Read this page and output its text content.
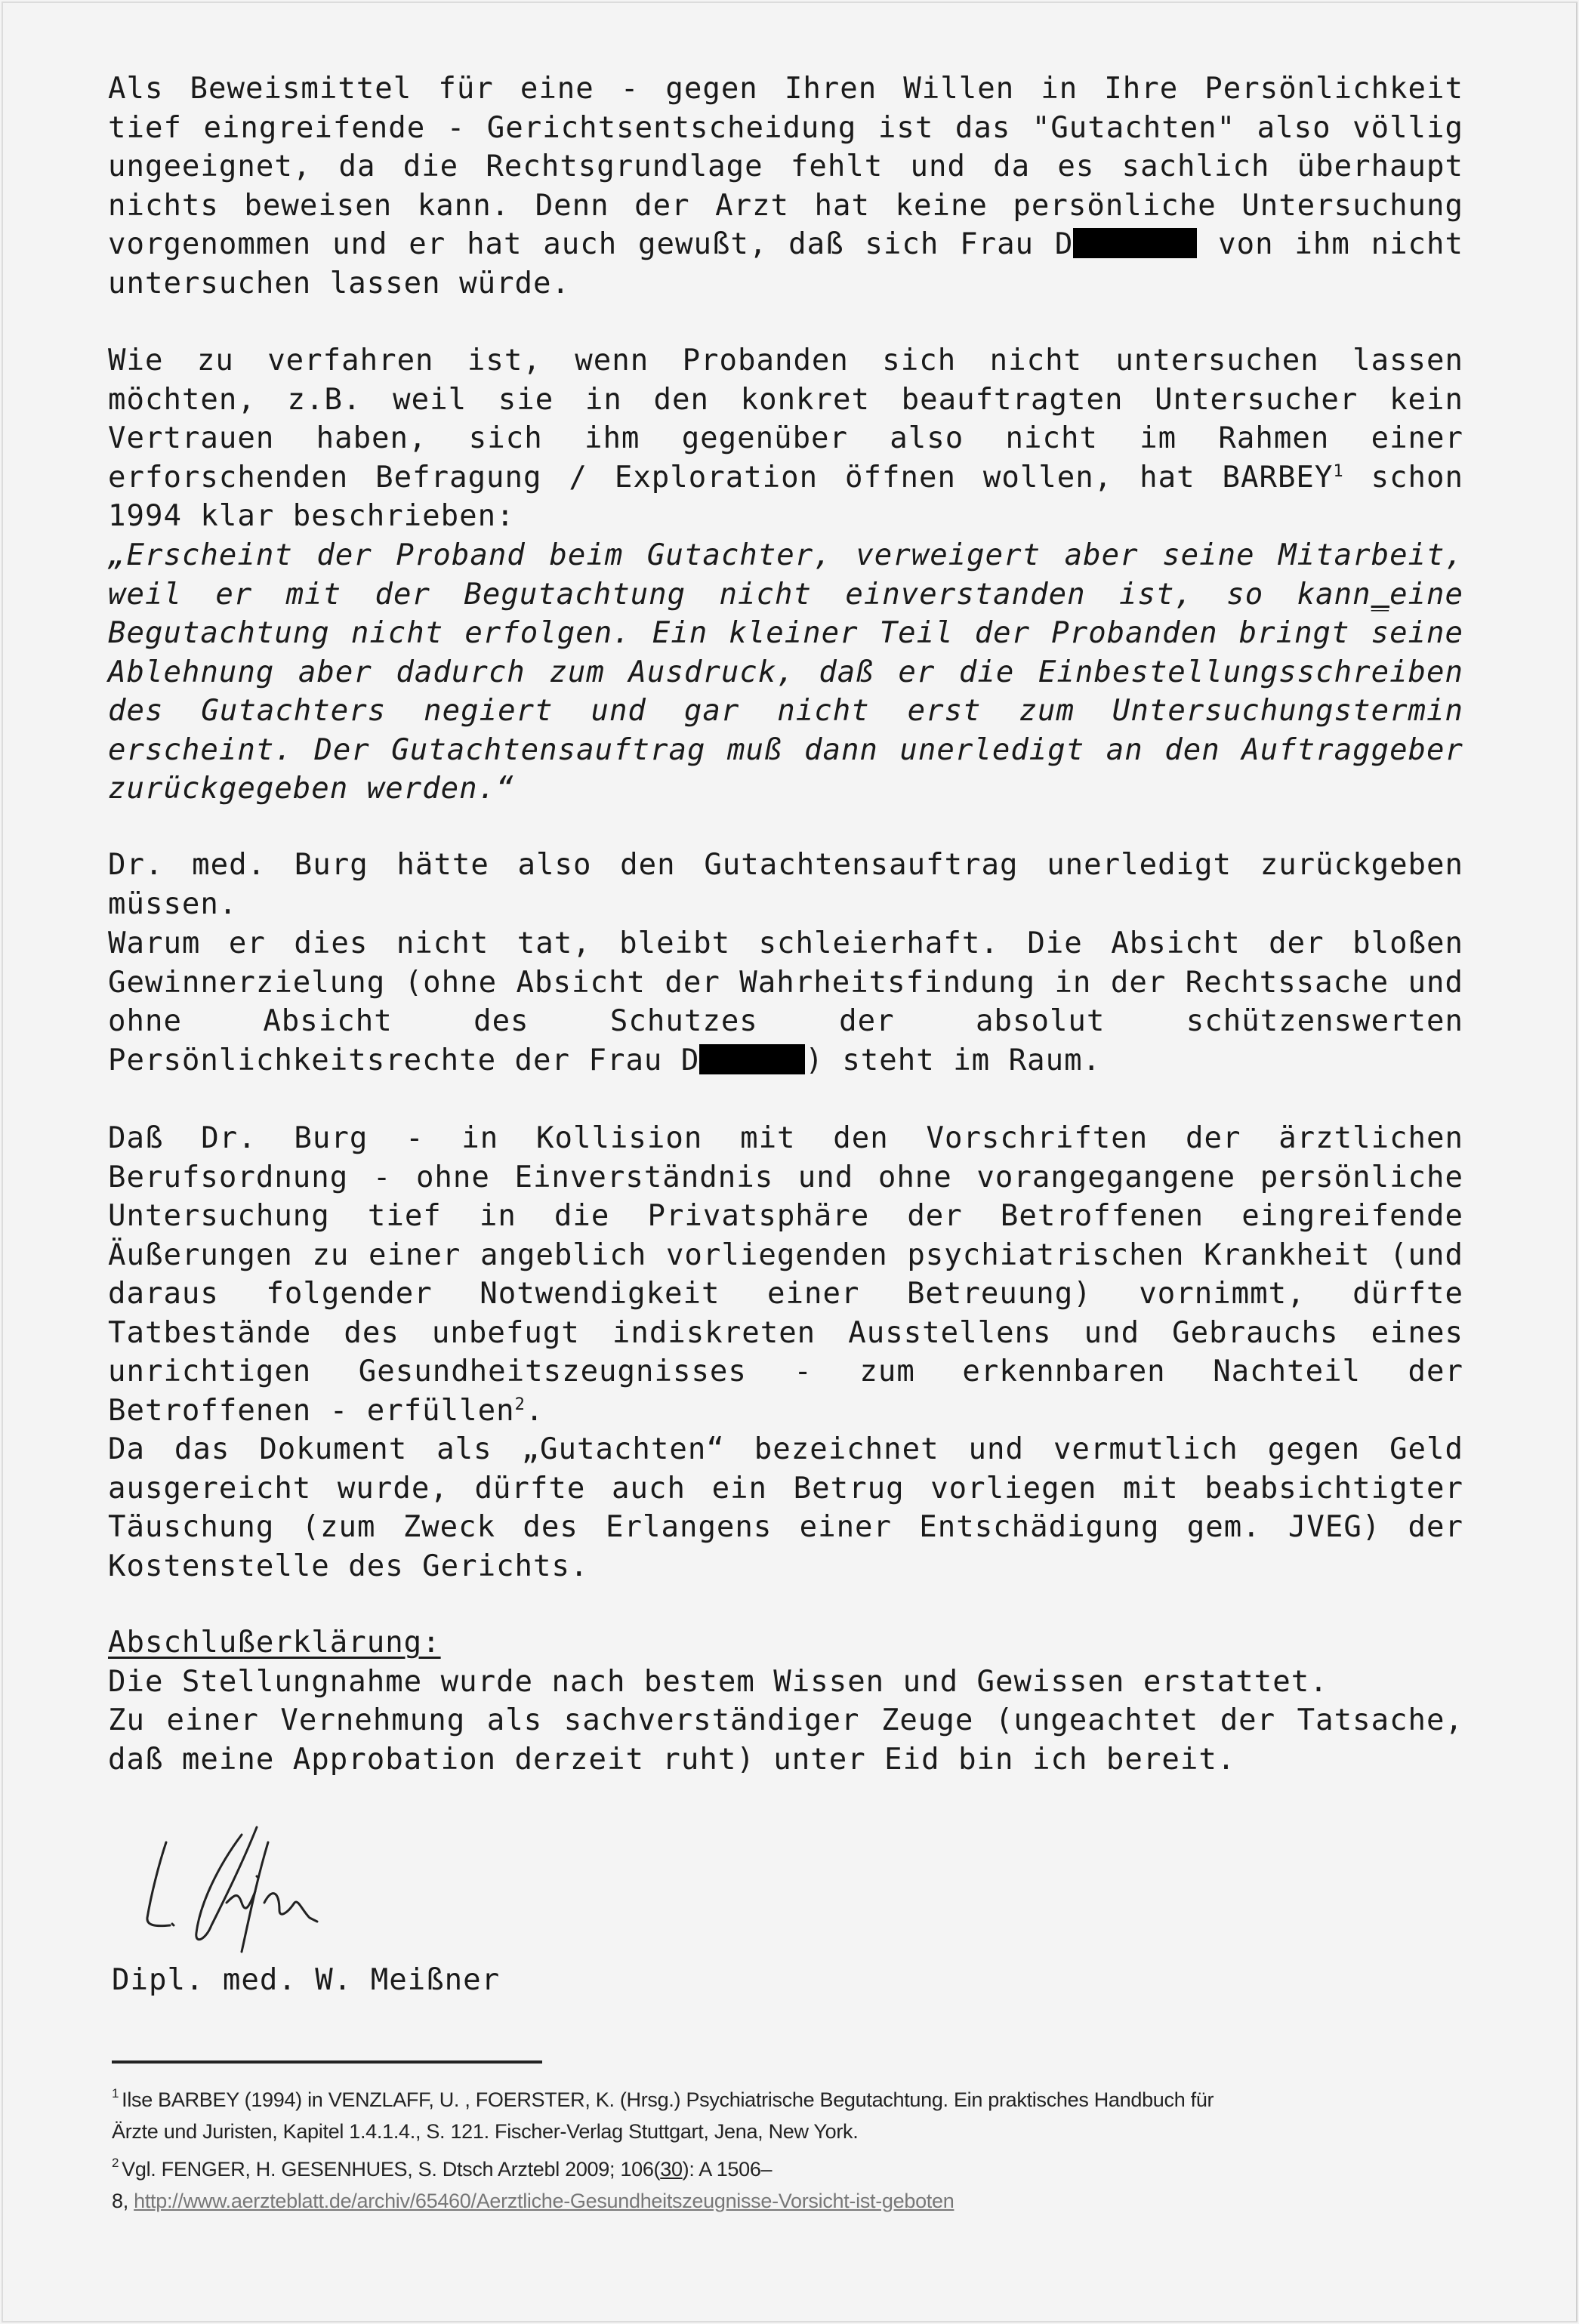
Als Beweismittel für eine - gegen Ihren Willen in Ihre Persönlichkeit tief eingreifende - Gerichtsentscheidung ist das "Gutachten" also völlig ungeeignet, da die Rechtsgrundlage fehlt und da es sachlich überhaupt nichts beweisen kann. Denn der Arzt hat keine persönliche Untersuchung vorgenommen und er hat auch gewußt, daß sich Frau D	von ihm nicht untersuchen lassen würde.

Wie zu verfahren ist, wenn Probanden sich nicht untersuchen lassen möchten, z.B. weil sie in den konkret beauftragten Untersucher kein Vertrauen haben, sich ihm gegenüber also nicht im Rahmen einer erforschenden Befragung / Exploration öffnen wollen, hat BARBEY$^1$ schon 1994 klar beschrieben:

„Erscheint der Proband beim Gutachter, verweigert aber seine Mitarbeit, weil er mit der Begutachtung nicht einverstanden ist, so kann_eine Begutachtung nicht erfolgen. Ein kleiner Teil der Probanden bringt seine Ablehnung aber dadurch zum Ausdruck, daß er die Einbestellungsschreiben des Gutachters negiert und gar nicht erst zum Untersuchungstermin erscheint. Der Gutachtensauftrag muß dann unerledigt an den Auftraggeber zurückgegeben werden.“

Dr. med. Burg hätte also den Gutachtensauftrag unerledigt zurückgeben müssen.

Warum er dies nicht tat, bleibt schleierhaft. Die Absicht der bloßen Gewinnerzielung (ohne Absicht der Wahrheitsfindung in der Rechtssache und ohne Absicht des Schutzes der absolut schützenswerten Persönlichkeitsrechte der Frau D	) steht im Raum.

Daß Dr. Burg - in Kollision mit den Vorschriften der ärztlichen Berufsordnung - ohne Einverständnis und ohne vorangegangene persönliche Untersuchung tief in die Privatsphäre der Betroffenen eingreifende Äußerungen zu einer angeblich vorliegenden psychiatrischen Krankheit (und daraus folgender Notwendigkeit einer Betreuung) vornimmt, dürfte Tatbestände des unbefugt indiskreten Ausstellens und Gebrauchs eines unrichtigen Gesundheitszeugnisses - zum erkennbaren Nachteil der Betroffenen - erfüllen$^2$.

Da das Dokument als „Gutachten“ bezeichnet und vermutlich gegen Geld ausgereicht wurde, dürfte auch ein Betrug vorliegen mit beabsichtigter Täuschung (zum Zweck des Erlangens einer Entschädigung gem. JVEG) der Kostenstelle des Gerichts.

Abschlußerklärung:

Die Stellungnahme wurde nach bestem Wissen und Gewissen erstattet.

Zu einer Vernehmung als sachverständiger Zeuge (ungeachtet der Tatsache, daß meine Approbation derzeit ruht) unter Eid bin ich bereit.

Dipl. med. W. Meißner

$^1$ Ilse BARBEY (1994) in VENZLAFF, U. , FOERSTER, K. (Hrsg.) Psychiatrische Begutachtung. Ein praktisches Handbuch für Ärzte und Juristen, Kapitel 1.4.1.4., S. 121. Fischer-Verlag Stuttgart, Jena, New York.

$^2$ Vgl. FENGER, H. GESENHUES, S. Dtsch Arztebl 2009; 106(30): A 1506–

8, http://www.aerzteblatt.de/archiv/65460/Aerztliche-Gesundheitszeugnisse-Vorsicht-ist-geboten
